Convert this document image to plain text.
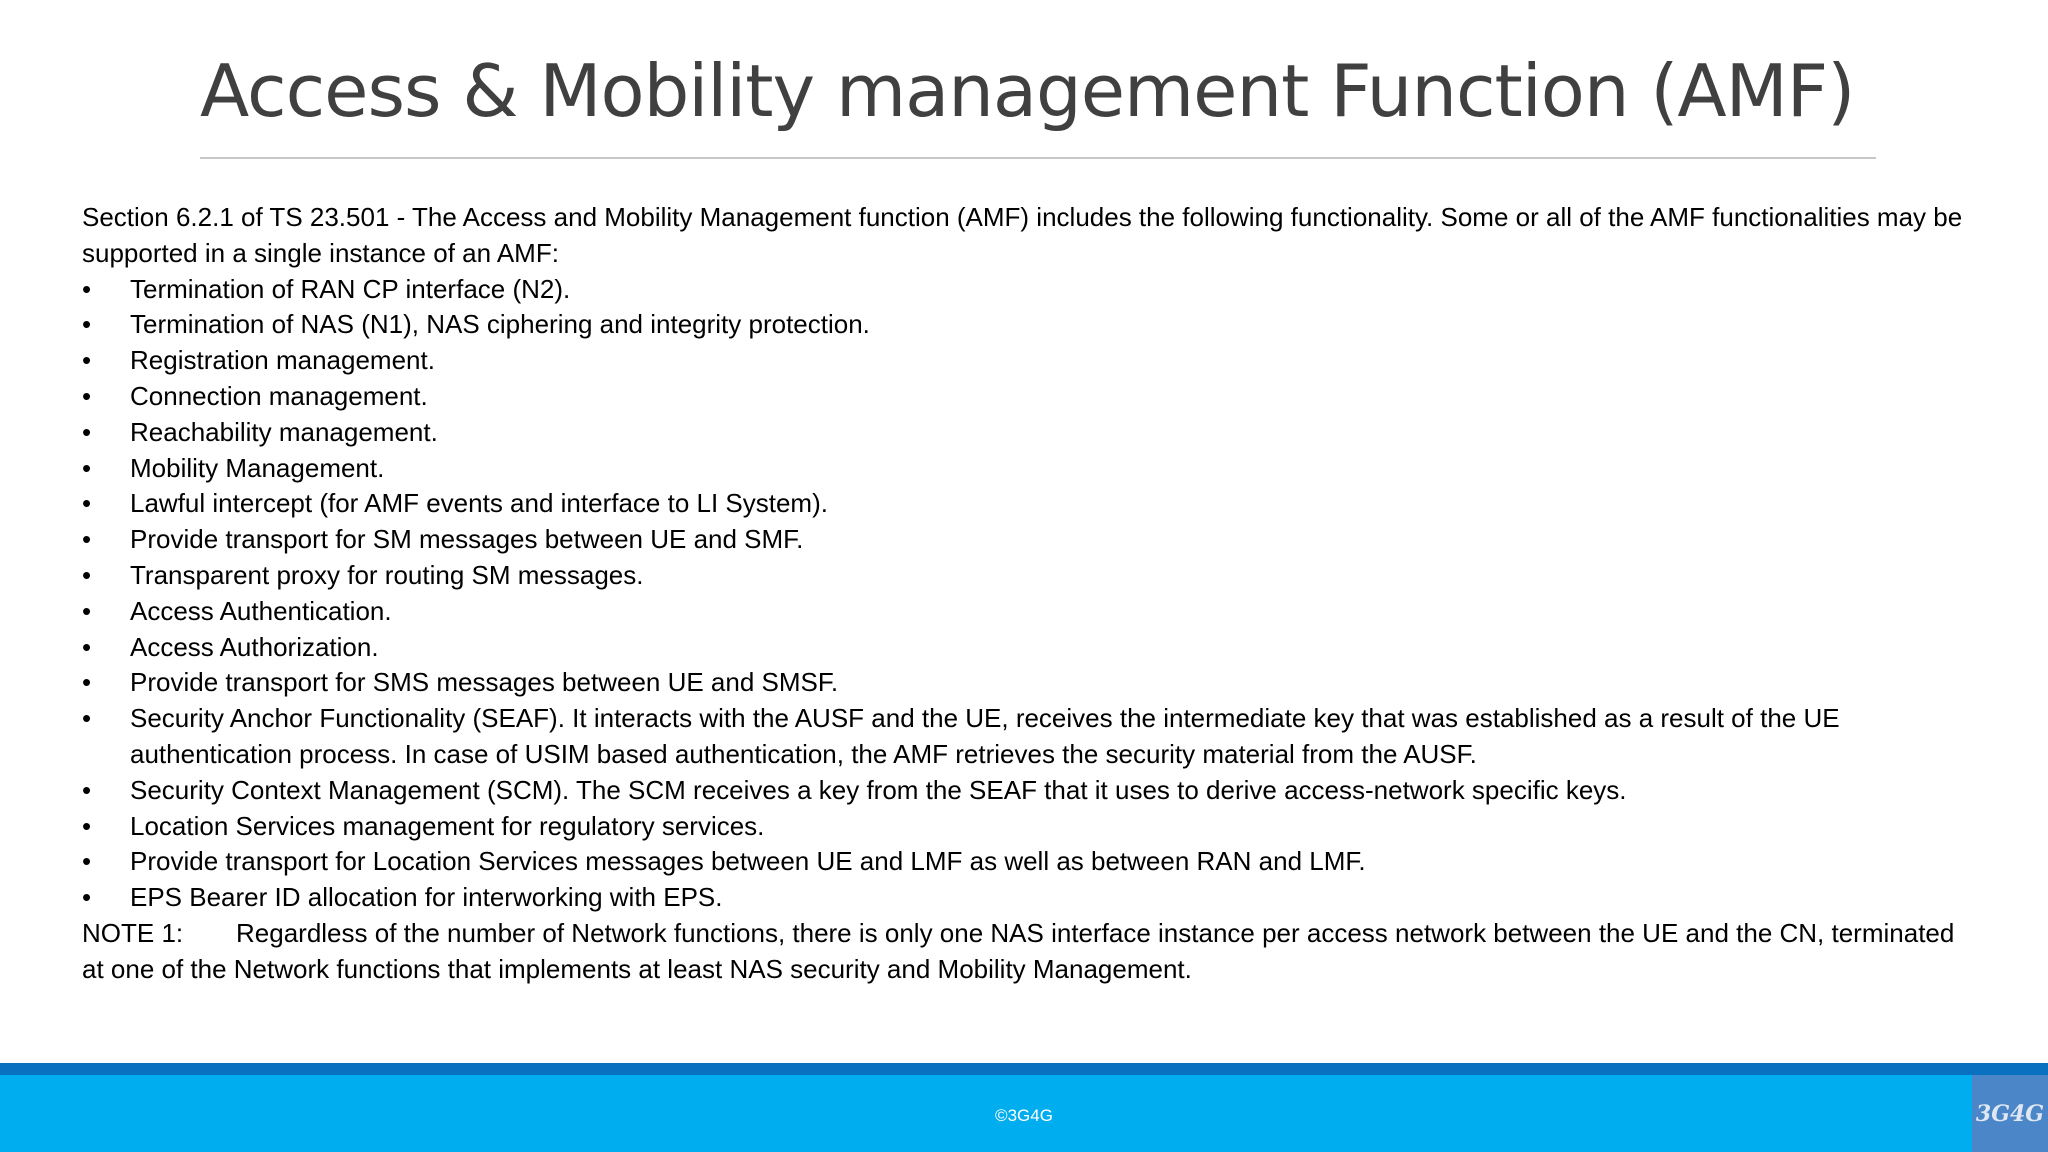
Access & Mobility management Function (AMF)

Section 6.2.1 of TS 23.501 - The Access and Mobility Management function (AMF) includes the following functionality. Some or all of the AMF functionalities may be supported in a single instance of an AMF:

• Termination of RAN CP interface (N2).
• Termination of NAS (N1), NAS ciphering and integrity protection.
• Registration management.
• Connection management.
• Reachability management.
• Mobility Management.
• Lawful intercept (for AMF events and interface to LI System).
• Provide transport for SM messages between UE and SMF.
• Transparent proxy for routing SM messages.
• Access Authentication.
• Access Authorization.
• Provide transport for SMS messages between UE and SMSF.
• Security Anchor Functionality (SEAF). It interacts with the AUSF and the UE, receives the intermediate key that was established as a result of the UE authentication process. In case of USIM based authentication, the AMF retrieves the security material from the AUSF.
• Security Context Management (SCM). The SCM receives a key from the SEAF that it uses to derive access-network specific keys.
• Location Services management for regulatory services.
• Provide transport for Location Services messages between UE and LMF as well as between RAN and LMF.
• EPS Bearer ID allocation for interworking with EPS.

NOTE 1: Regardless of the number of Network functions, there is only one NAS interface instance per access network between the UE and the CN, terminated at one of the Network functions that implements at least NAS security and Mobility Management.

©3G4G	3G4G
